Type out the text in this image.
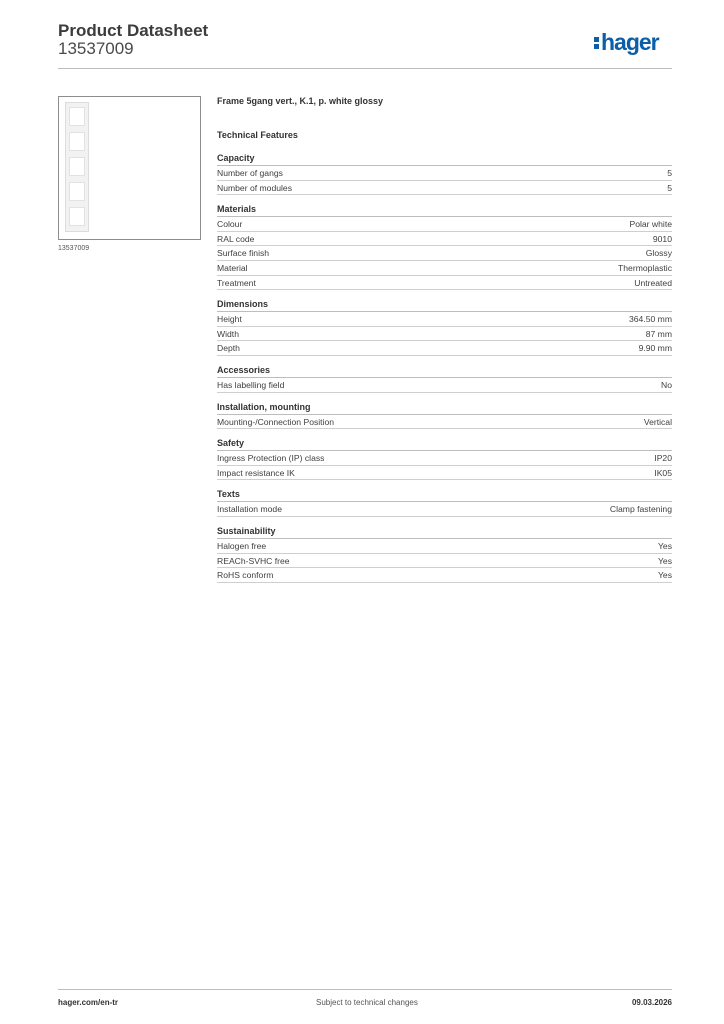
Product Datasheet
13537009	hager
13537009
Frame 5gang vert., K.1, p. white glossy
Technical Features
Capacity
Number of gangs	5
Number of modules	5
Materials
Colour	Polar white
RAL code	9010
Surface finish	Glossy
Material	Thermoplastic
Treatment	Untreated
Dimensions
Height	364.50 mm
Width	87 mm
Depth	9.90 mm
Accessories
Has labelling field	No
Installation, mounting
Mounting-/Connection Position	Vertical
Safety
Ingress Protection (IP) class	IP20
Impact resistance IK	IK05
Texts
Installation mode	Clamp fastening
Sustainability
Halogen free	Yes
REACh-SVHC free	Yes
RoHS conform	Yes
hager.com/en-tr	Subject to technical changes	09.03.2026
